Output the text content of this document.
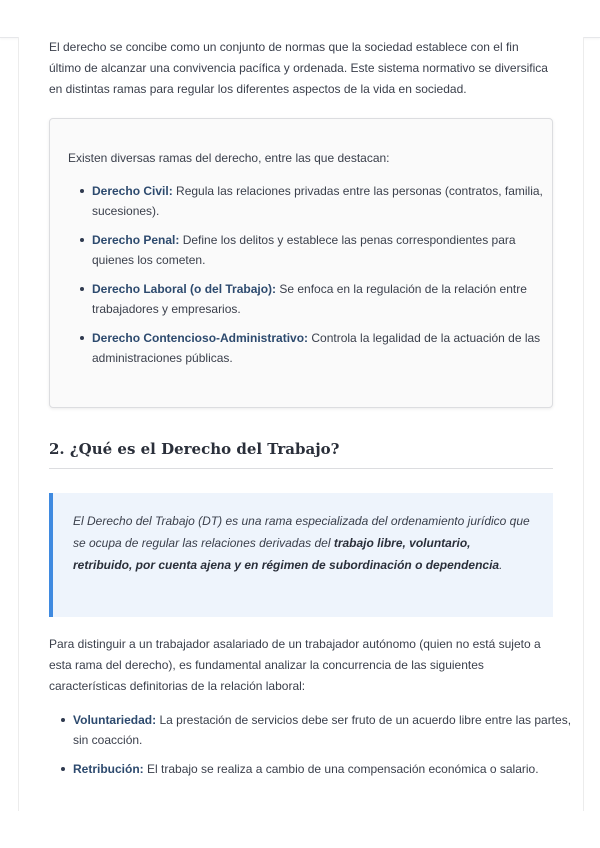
El derecho se concibe como un conjunto de normas que la sociedad establece con el fin último de alcanzar una convivencia pacífica y ordenada. Este sistema normativo se diversifica en distintas ramas para regular los diferentes aspectos de la vida en sociedad.

Existen diversas ramas del derecho, entre las que destacan:

Derecho Civil: Regula las relaciones privadas entre las personas (contratos, familia, sucesiones).
Derecho Penal: Define los delitos y establece las penas correspondientes para quienes los cometen.
Derecho Laboral (o del Trabajo): Se enfoca en la regulación de la relación entre trabajadores y empresarios.
Derecho Contencioso-Administrativo: Controla la legalidad de la actuación de las administraciones públicas.
2. ¿Qué es el Derecho del Trabajo?

El Derecho del Trabajo (DT) es una rama especializada del ordenamiento jurídico que se ocupa de regular las relaciones derivadas del trabajo libre, voluntario, retribuido, por cuenta ajena y en régimen de subordinación o dependencia.

Para distinguir a un trabajador asalariado de un trabajador autónomo (quien no está sujeto a esta rama del derecho), es fundamental analizar la concurrencia de las siguientes características definitorias de la relación laboral:

Voluntariedad: La prestación de servicios debe ser fruto de un acuerdo libre entre las partes, sin coacción.
Retribución: El trabajo se realiza a cambio de una compensación económica o salario.
